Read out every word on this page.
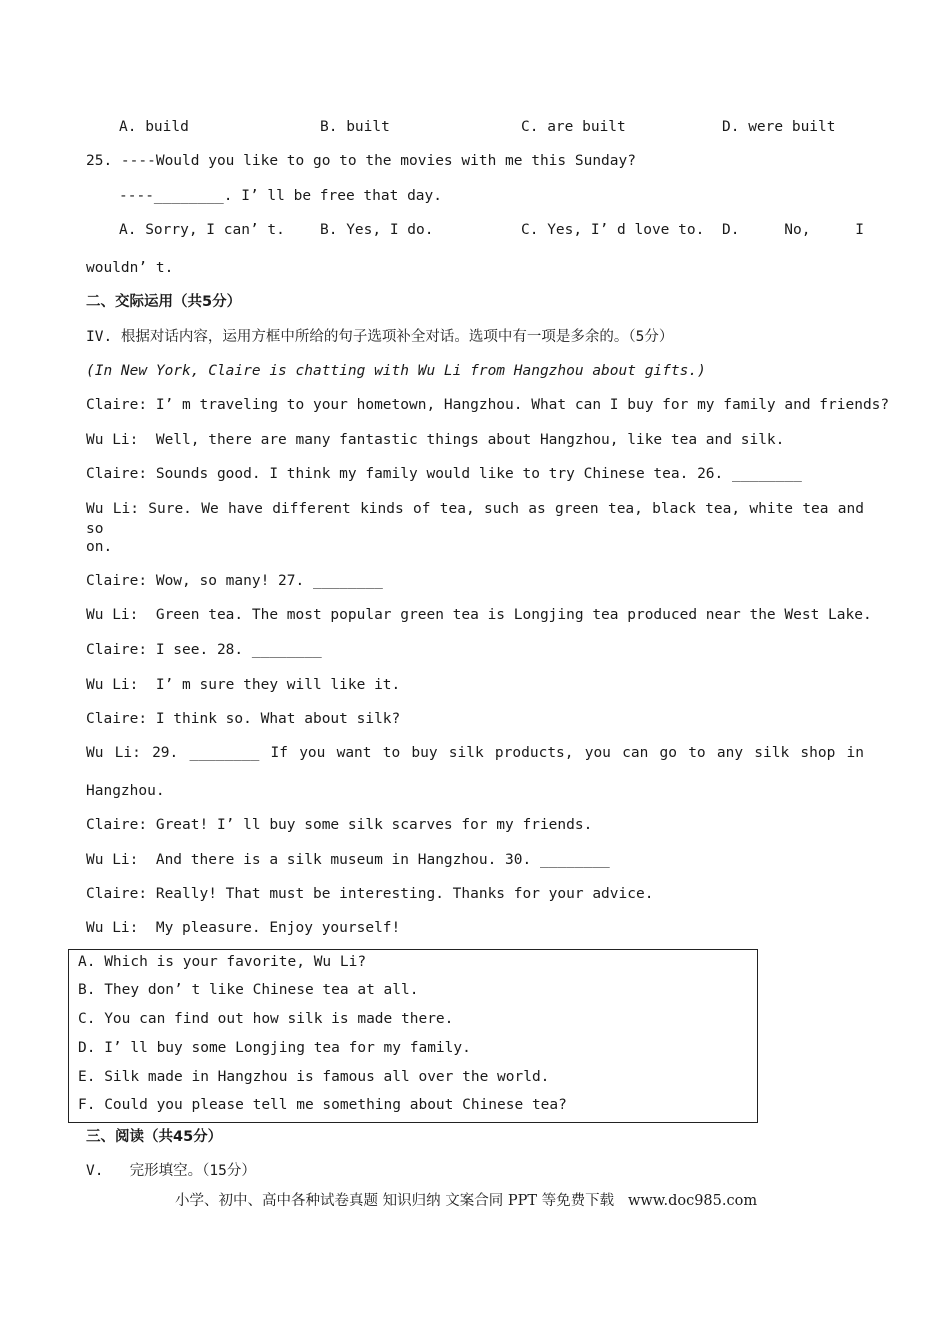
A. build	B. built	C. are built	D. were built
25. ----Would you like to go to the movies with me this Sunday?
----________. I’ ll be free that day.
A. Sorry, I can’ t.	B. Yes, I do.	C. Yes, I’ d love to.	D.	No,	I
wouldn’ t.
二、交际运用（共5分）
IV. 根据对话内容，运用方框中所给的句子选项补全对话。选项中有一项是多余的。（5分）
(In New York, Claire is chatting with Wu Li from Hangzhou about gifts.)
Claire: I’ m traveling to your hometown, Hangzhou. What can I buy for my family and friends?
Wu Li:  Well, there are many fantastic things about Hangzhou, like tea and silk.
Claire: Sounds good. I think my family would like to try Chinese tea. 26. ________
Wu Li: Sure. We have different kinds of tea, such as green tea, black tea, white tea and so
on.
Claire: Wow, so many! 27. ________
Wu Li:  Green tea. The most popular green tea is Longjing tea produced near the West Lake.
Claire: I see. 28. ________
Wu Li:  I’ m sure they will like it.
Claire: I think so. What about silk?
Wu Li: 29. ________ If you want to buy silk products, you can go to any silk shop in
Hangzhou.
Claire: Great! I’ ll buy some silk scarves for my friends.
Wu Li:  And there is a silk museum in Hangzhou. 30. ________
Claire: Really! That must be interesting. Thanks for your advice.
Wu Li:  My pleasure. Enjoy yourself!
A. Which is your favorite, Wu Li?
B. They don’ t like Chinese tea at all.
C. You can find out how silk is made there.
D. I’ ll buy some Longjing tea for my family.
E. Silk made in Hangzhou is famous all over the world.
F. Could you please tell me something about Chinese tea?
三、阅读（共45分）
V.   完形填空。（15分）
小学、初中、高中各种试卷真题 知识归纳 文案合同 PPT 等免费下载   www.doc985.com
